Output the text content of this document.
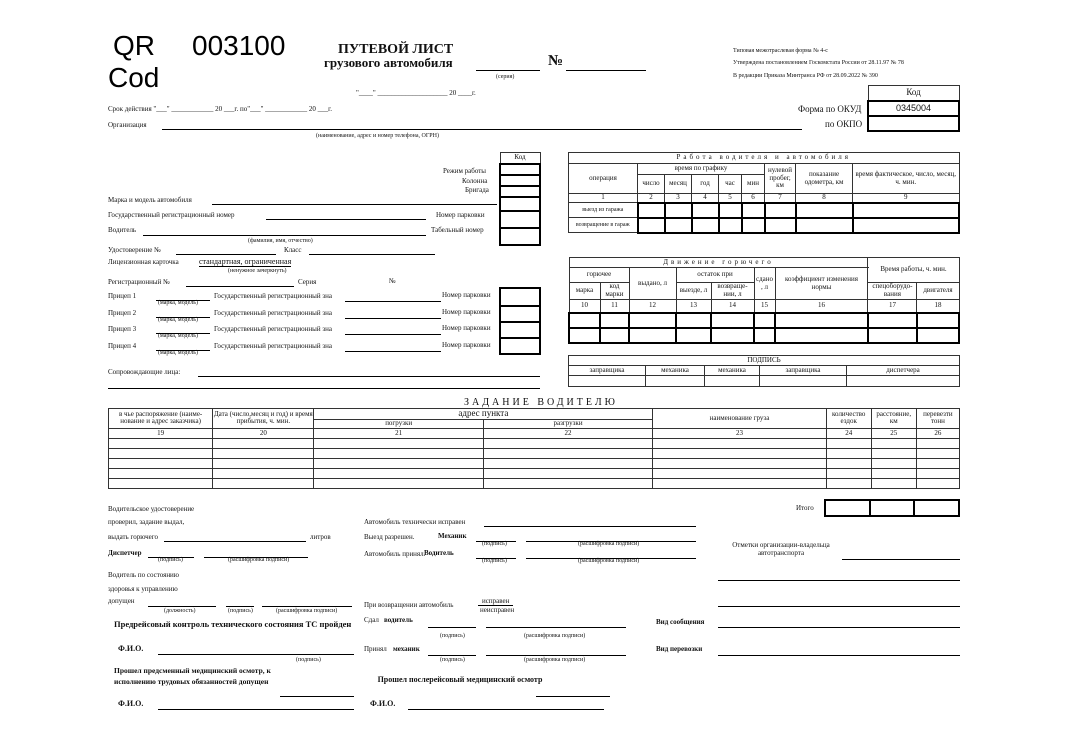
QR
Cod
003100	ПУТЕВОЙ ЛИСТ
грузового автомобиля
(серия)
№
"____" ____________________ 20 ____г.
Срок действия "___" ____________ 20 ___г. по"___" ____________ 20 ___г.
Организация
(наименование, адрес и номер телефона, ОГРН)
Типовая межотраслевая форма № 4-с
Утверждена постановлением Госкомстата России от 28.11.97 № 78
В редакции Приказа Минтранса РФ от 28.09.2022 № 390
Код
0345004

Форма по ОКУД
по ОКПО
Код

Режим работы
Колонна
Бригада
Марка и модель автомобиля
Государственный регистрационный номер	Номер парковки
Водитель	Табельный номер
(фамилия, имя, отчество)
Удостоверение №	Класс
Лицензионная карточка	стандартная, ограниченная
(ненужное зачеркнуть)
Регистрационный №	Серия	№
Прицеп 1
(марка, модель)
Государственный регистрационный зна	Номер парковки
Прицеп 2
(марка, модель)
Государственный регистрационный зна	Номер парковки
Прицеп 3
(марка, модель)
Государственный регистрационный зна	Номер парковки
Прицеп 4
(марка, модель)
Государственный регистрационный зна	Номер парковки

Сопровождающие лица:
Работа водителя и автомобиля								
операция	время по графику					нулевой пробег, км	показание одометра, км	время фактическое, число, месяц, ч. мин.
	число	месяц	год	час	мин			
1	2	3	4	5	6	7	8	9
выезд из гаража								
возвращение в гараж								
Движение горючего							Время работы, ч. мин.	
горючее		выдано, л	остаток при		сдано , л	коэффициент изменения нормы		
марка	код марки		выезде, л	возвраще-нии, л			спецоборудо-вания	двигателя
10	11	12	13	14	15	16	17	18

ПОДПИСЬ				
заправщика	механика	механика	заправщика	диспетчера

ЗАДАНИЕ ВОДИТЕЛЮ
в чье распоряжение (наиме-нование и адрес заказчика)	Дата (число,месяц и год) и время прибытия, ч. мин.	адрес пункта		наименование груза	количество ездок	расстояние, км	перевезти тонн
		погрузки	разгрузки				
19	20	21	22	23	24	25	26

Итого

Водительское удостоверение
проверил, задание выдал,
выдать горючего	литров
Диспетчер
(подпись)	(расшифровка подписи)
Водитель по состоянию
здоровья к управлению
допущен
(должность)	(подпись)	(расшифровка подписи)
Предрейсовый контроль технического состояния ТС пройден
Ф.И.О.
(подпись)
Прошел предсменный медицинский осмотр, к исполнению трудовых обязанностей допущен
Ф.И.О.
Автомобиль технически исправен
Выезд разрешен.	Механик
(подпись)	(расшифровка подписи)
Автомобиль принял.
Водитель
(подпись)	(расшифровка подписи)
При возвращении автомобиль	исправен
неисправен
Сдал водитель
(подпись)	(расшифровка подписи)
Принял механик
(подпись)	(расшифровка подписи)
Прошел послерейсовый медицинский осмотр
Ф.И.О.
Отметки организации-владельца автотранспорта
Вид сообщения
Вид перевозки
